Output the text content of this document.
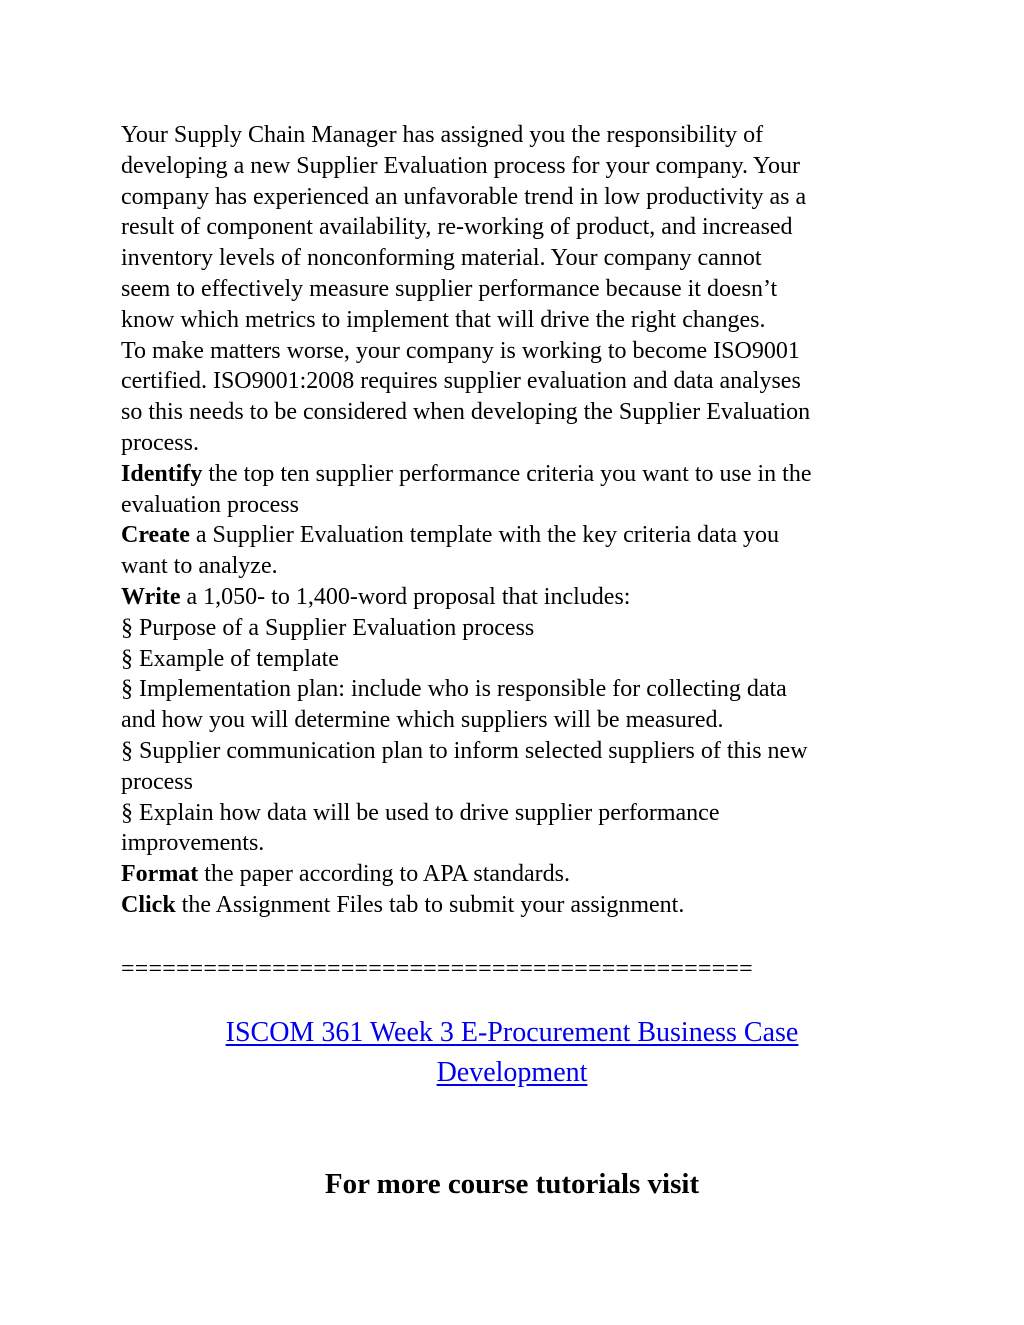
Your Supply Chain Manager has assigned you the responsibility of
developing a new Supplier Evaluation process for your company. Your
company has experienced an unfavorable trend in low productivity as a
result of component availability, re-working of product, and increased
inventory levels of nonconforming material. Your company cannot
seem to effectively measure supplier performance because it doesn’t
know which metrics to implement that will drive the right changes.
To make matters worse, your company is working to become ISO9001
certified. ISO9001:2008 requires supplier evaluation and data analyses
so this needs to be considered when developing the Supplier Evaluation
process.
Identify the top ten supplier performance criteria you want to use in the
evaluation process
Create a Supplier Evaluation template with the key criteria data you
want to analyze.
Write a 1,050- to 1,400-word proposal that includes:
§ Purpose of a Supplier Evaluation process
§ Example of template
§ Implementation plan: include who is responsible for collecting data
and how you will determine which suppliers will be measured.
§ Supplier communication plan to inform selected suppliers of this new
process
§ Explain how data will be used to drive supplier performance
improvements.
Format the paper according to APA standards.
Click the Assignment Files tab to submit your assignment.
==============================================
ISCOM 361 Week 3 E-Procurement Business Case
Development
For more course tutorials visit
